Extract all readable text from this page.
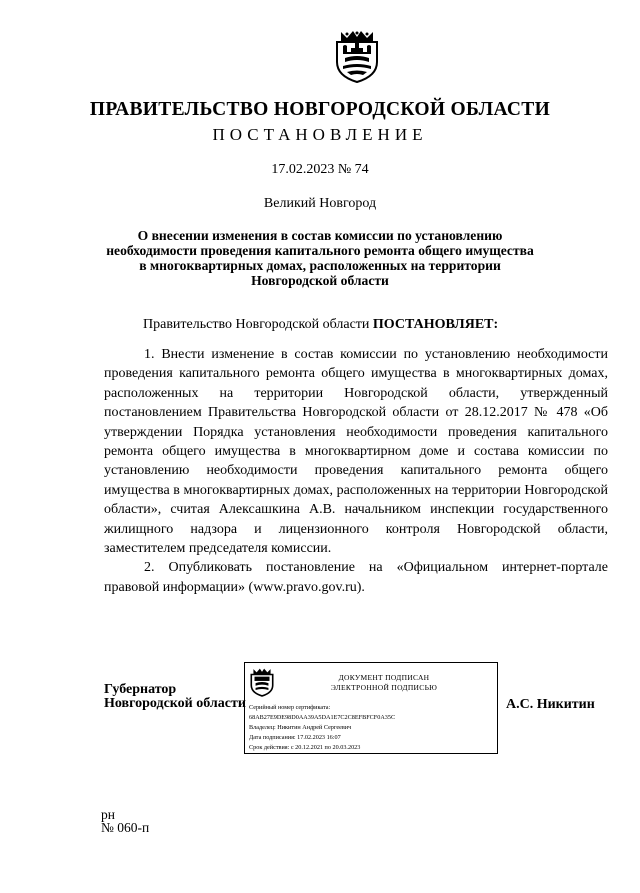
ПРАВИТЕЛЬСТВО НОВГОРОДСКОЙ ОБЛАСТИ
ПОСТАНОВЛЕНИЕ
17.02.2023 № 74
Великий Новгород
О внесении изменения в состав комиссии по установлению
необходимости проведения капитального ремонта общего имущества
в многоквартирных домах, расположенных на территории
Новгородской области
Правительство Новгородской области ПОСТАНОВЛЯЕТ:

1. Внести изменение в состав комиссии по установлению необходимости проведения капитального ремонта общего имущества в многоквартирных домах, расположенных на территории Новгородской области, утвержденный постановлением Правительства Новгородской области от 28.12.2017 № 478 «Об утверждении Порядка установления необходимости проведения капитального ремонта общего имущества в многоквартирном доме и состава комиссии по установлению необходимости проведения капитального ремонта общего имущества в многоквартирных домах, расположенных на территории Новгородской области», считая Алексашкина А.В. начальником инспекции государственного жилищного надзора и лицензионного контроля Новгородской области, заместителем председателя комиссии.

2. Опубликовать постановление на «Официальном интернет-портале правовой информации» (www.pravo.gov.ru).

Губернатор
Новгородской области
ДОКУМЕНТ ПОДПИСАН
ЭЛЕКТРОННОЙ ПОДПИСЬЮ
Серийный номер сертификата:
68AB27E9DE98D0AA39A5DA1E7C2C8EFBFCF0A35C
Владелец: Никитин Андрей Сергеевич
Дата подписания: 17.02.2023 16:07
Срок действия: с 20.12.2021 по 20.03.2023
А.С. Никитин
рн
№ 060-п
